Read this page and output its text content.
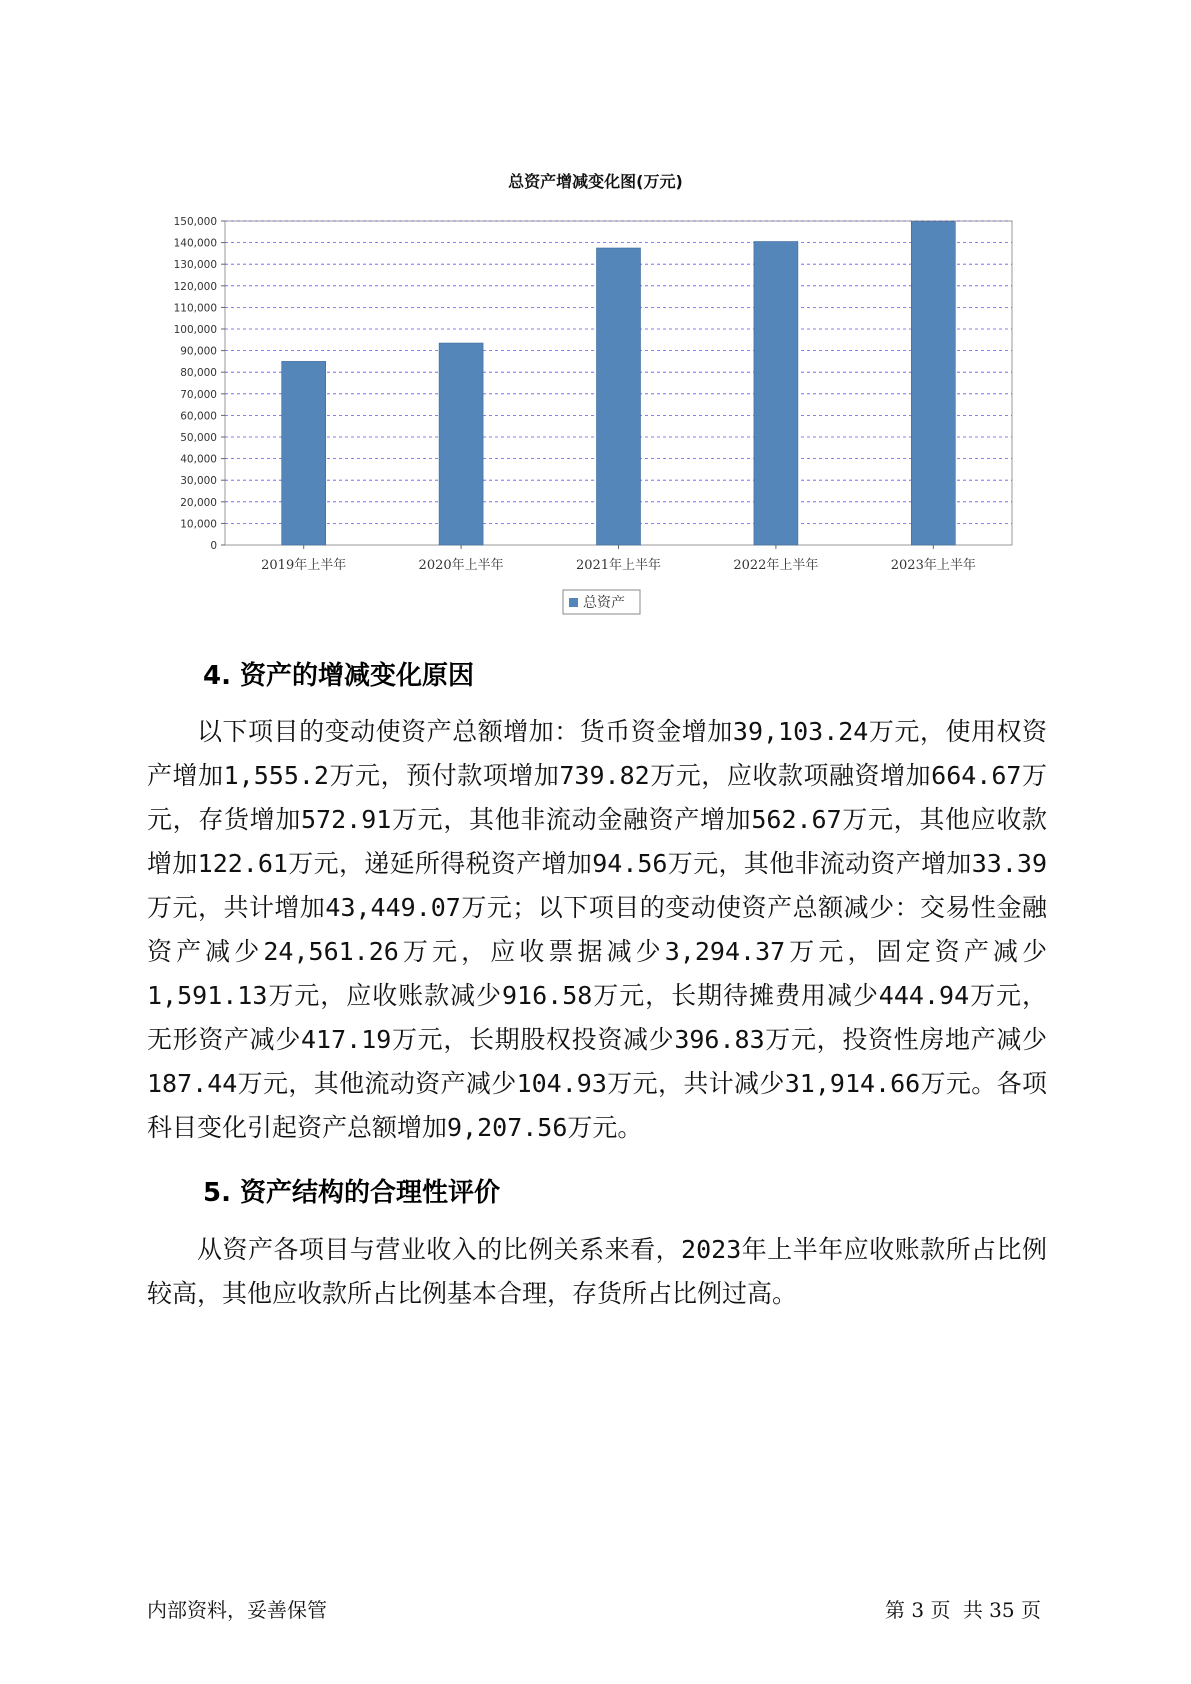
总资产增减变化图(万元)
0
10,000
20,000
30,000
40,000
50,000
60,000
70,000
80,000
90,000
100,000
110,000
120,000
130,000
140,000
150,000
2019年上半年	2020年上半年	2021年上半年	2022年上半年	2023年上半年
总资产
4. 资产的增减变化原因

以下项目的变动使资产总额增加：货币资金增加39,103.24万元，使用权资产增加1,555.2万元，预付款项增加739.82万元，应收款项融资增加664.67万元，存货增加572.91万元，其他非流动金融资产增加562.67万元，其他应收款增加122.61万元，递延所得税资产增加94.56万元，其他非流动资产增加33.39万元，共计增加43,449.07万元；以下项目的变动使资产总额减少：交易性金融资产减少24,561.26万元，应收票据减少3,294.37万元，固定资产减少1,591.13万元，应收账款减少916.58万元，长期待摊费用减少444.94万元，无形资产减少417.19万元，长期股权投资减少396.83万元，投资性房地产减少187.44万元，其他流动资产减少104.93万元，共计减少31,914.66万元。各项科目变化引起资产总额增加9,207.56万元。

5. 资产结构的合理性评价

从资产各项目与营业收入的比例关系来看，2023年上半年应收账款所占比例较高，其他应收款所占比例基本合理，存货所占比例过高。

内部资料，妥善保管	第 3 页 共 35 页
